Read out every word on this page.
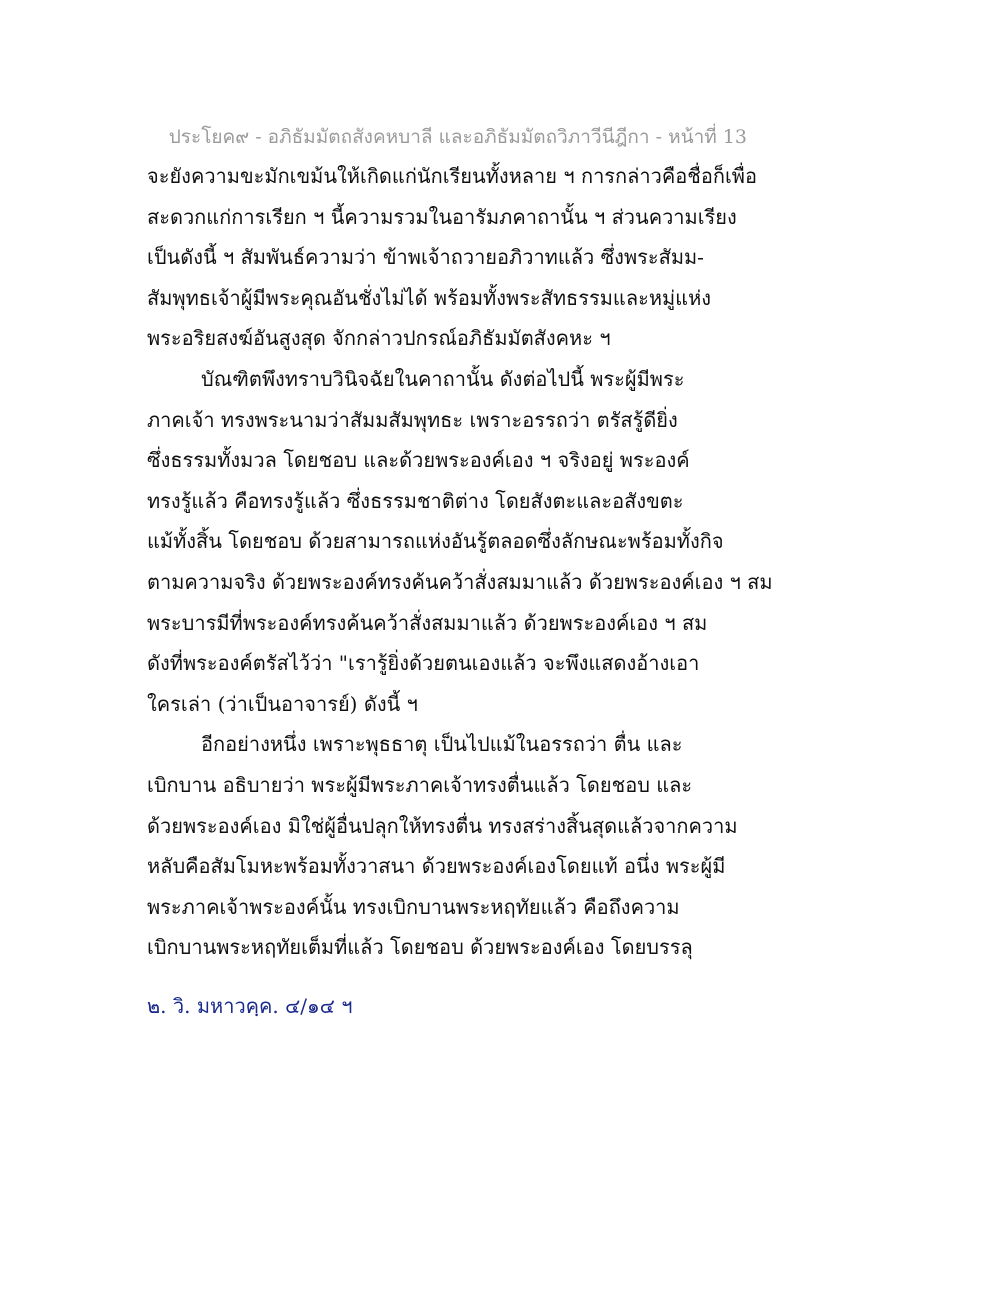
ประโยค๙ - อภิธัมมัตถสังคหบาลี และอภิธัมมัตถวิภาวีนีฎีกา - หน้าที่ 13
จะยังความขะมักเขม้นให้เกิดแก่นักเรียนทั้งหลาย ฯ การกล่าวคือชื่อก็เพื่อ
สะดวกแก่การเรียก ฯ นี้ความรวมในอารัมภคาถานั้น ฯ ส่วนความเรียง
เป็นดังนี้ ฯ สัมพันธ์ความว่า ข้าพเจ้าถวายอภิวาทแล้ว ซึ่งพระสัมม-
สัมพุทธเจ้าผู้มีพระคุณอันชั่งไม่ได้ พร้อมทั้งพระสัทธรรมและหมู่แห่ง
พระอริยสงฆ์อันสูงสุด จักกล่าวปกรณ์อภิธัมมัตสังคหะ ฯ
บัณฑิตพึงทราบวินิจฉัยในคาถานั้น ดังต่อไปนี้ พระผู้มีพระ
ภาคเจ้า ทรงพระนามว่าสัมมสัมพุทธะ เพราะอรรถว่า ตรัสรู้ดียิ่ง
ซึ่งธรรมทั้งมวล โดยชอบ และด้วยพระองค์เอง ฯ จริงอยู่ พระองค์
ทรงรู้แล้ว คือทรงรู้แล้ว ซึ่งธรรมชาติต่าง โดยสังตะและอสังขตะ
แม้ทั้งสิ้น โดยชอบ ด้วยสามารถแห่งอันรู้ตลอดซึ่งลักษณะพร้อมทั้งกิจ
ตามความจริง ด้วยพระองค์ทรงค้นคว้าสั่งสมมาแล้ว ด้วยพระองค์เอง ฯ สม
พระบารมีที่พระองค์ทรงค้นคว้าสั่งสมมาแล้ว ด้วยพระองค์เอง ฯ สม
ดังที่พระองค์ตรัสไว้ว่า "เรารู้ยิ่งด้วยตนเองแล้ว จะพึงแสดงอ้างเอา
ใครเล่า (ว่าเป็นอาจารย์) ดังนี้ ฯ
อีกอย่างหนึ่ง เพราะพุธธาตุ เป็นไปแม้ในอรรถว่า ตื่น และ
เบิกบาน อธิบายว่า พระผู้มีพระภาคเจ้าทรงตื่นแล้ว โดยชอบ และ
ด้วยพระองค์เอง มิใช่ผู้อื่นปลุกให้ทรงตื่น ทรงสร่างสิ้นสุดแล้วจากความ
หลับคือสัมโมหะพร้อมทั้งวาสนา ด้วยพระองค์เองโดยแท้ อนึ่ง พระผู้มี
พระภาคเจ้าพระองค์นั้น ทรงเบิกบานพระหฤทัยแล้ว คือถึงความ
เบิกบานพระหฤทัยเต็มที่แล้ว โดยชอบ ด้วยพระองค์เอง โดยบรรลุ
๒. วิ. มหาวคฺค. ๔/๑๔ ฯ
